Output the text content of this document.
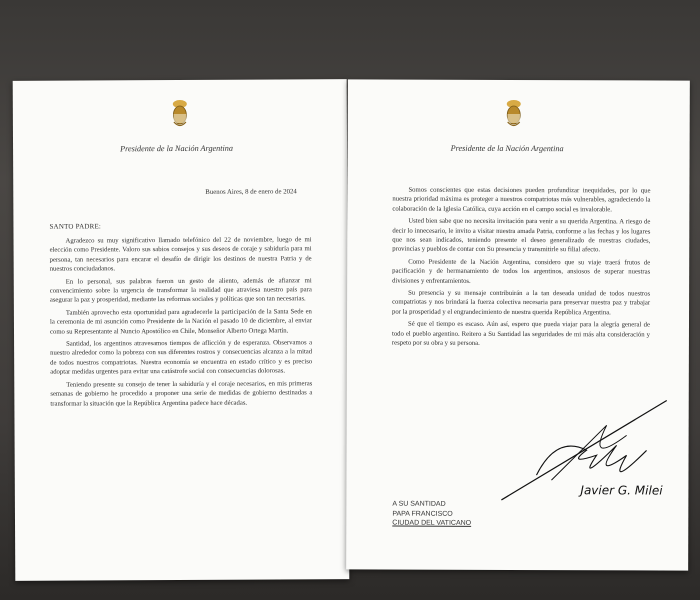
Presidente de la Nación Argentina
Buenos Aires, 8 de enero de 2024
SANTO PADRE:

Agradezco su muy significativo llamado telefónico del 22 de noviembre, luego de mi elección como Presidente. Valoro sus sabios consejos y sus deseos de coraje y sabiduría para mi persona, tan necesarios para encarar el desafío de dirigir los destinos de nuestra Patria y de nuestros conciudadanos.

En lo personal, sus palabras fueron un gesto de aliento, además de afianzar mi convencimiento sobre la urgencia de transformar la realidad que atraviesa nuestro país para asegurar la paz y prosperidad, mediante las reformas sociales y políticas que son tan necesarias.

También aprovecho esta oportunidad para agradecerle la participación de la Santa Sede en la ceremonia de mi asunción como Presidente de la Nación el pasado 10 de diciembre, al enviar como su Representante al Nuncio Apostólico en Chile, Monseñor Alberto Ortega Martín.

Santidad, los argentinos atravesamos tiempos de aflicción y de esperanza. Observamos a nuestro alrededor como la pobreza con sus diferentes rostros y consecuencias alcanza a la mitad de todos nuestros compatriotas. Nuestra economía se encuentra en estado crítico y es preciso adoptar medidas urgentes para evitar una catástrofe social con consecuencias dolorosas.

Teniendo presente su consejo de tener la sabiduría y el coraje necesarios, en mis primeras semanas de gobierno he procedido a proponer una serie de medidas de gobierno destinadas a transformar la situación que la República Argentina padece hace décadas.

Presidente de la Nación Argentina

Somos conscientes que estas decisiones pueden profundizar inequidades, por lo que nuestra prioridad máxima es proteger a nuestros compatriotas más vulnerables, agradeciendo la colaboración de la Iglesia Católica, cuya acción en el campo social es invalorable.

Usted bien sabe que no necesita invitación para venir a su querida Argentina. A riesgo de decir lo innecesario, le invito a visitar nuestra amada Patria, conforme a las fechas y los lugares que nos sean indicados, teniendo presente el deseo generalizado de nuestras ciudades, provincias y pueblos de contar con Su presencia y transmitirle su filial afecto.

Como Presidente de la Nación Argentina, considero que su viaje traerá frutos de pacificación y de hermanamiento de todos los argentinos, ansiosos de superar nuestras divisiones y enfrentamientos.

Su presencia y su mensaje contribuirán a la tan deseada unidad de todos nuestros compatriotas y nos brindará la fuerza colectiva necesaria para preservar nuestra paz y trabajar por la prosperidad y el engrandecimiento de nuestra querida República Argentina.

Sé que el tiempo es escaso. Aún así, espero que pueda viajar para la alegría general de todo el pueblo argentino. Reitero a Su Santidad las seguridades de mi más alta consideración y respeto por su obra y su persona.

Javier G. Milei
A SU SANTIDAD
PAPA FRANCISCO
CIUDAD DEL VATICANO
